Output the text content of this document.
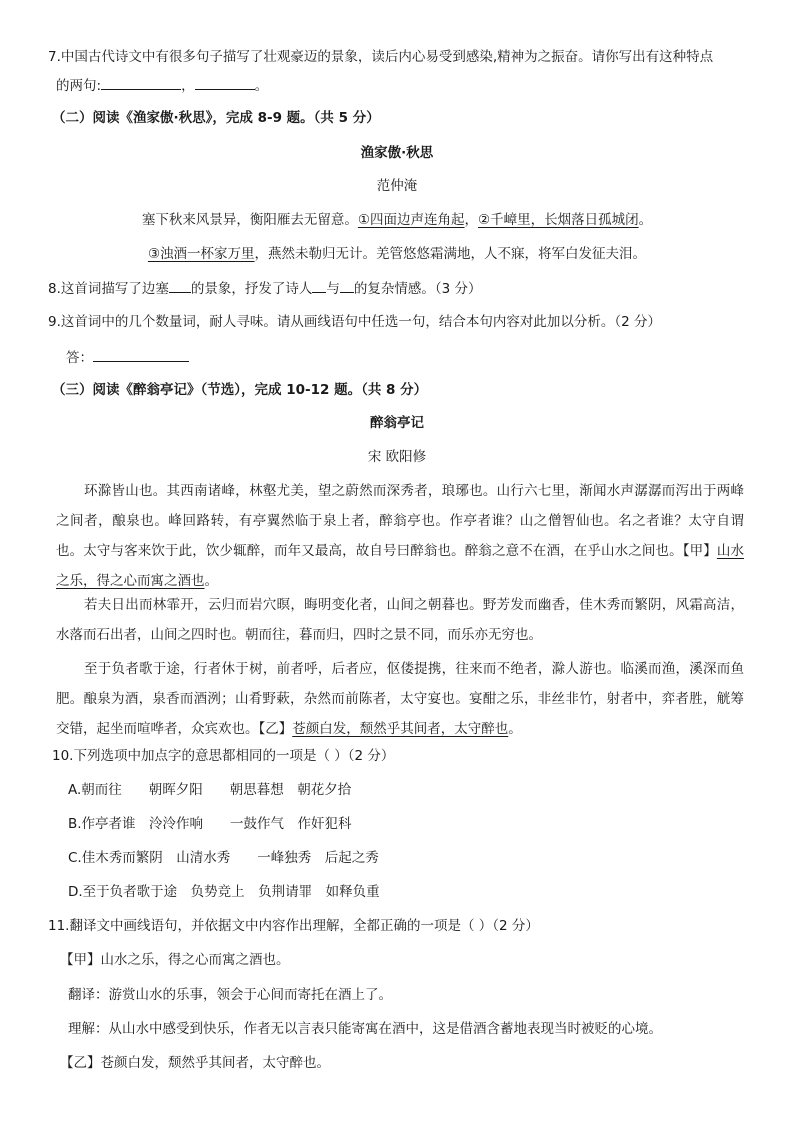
7.中国古代诗文中有很多句子描写了壮观豪迈的景象，读后内心易受到感染,精神为之振奋。请你写出有这种特点
的两句:	，	。
（二）阅读《渔家傲·秋思》，完成 8-9 题。（共 5 分）
渔家傲·秋思
范仲淹
塞下秋来风景异，衡阳雁去无留意。①四面边声连角起，②千嶂里，长烟落日孤城闭。
③浊酒一杯家万里，燕然未勒归无计。羌管悠悠霜满地，人不寐，将军白发征夫泪。
8.这首词描写了边塞 的景象，抒发了诗人 与 的复杂情感。（3 分）
9.这首词中的几个数量词，耐人寻味。请从画线语句中任选一句，结合本句内容对此加以分析。（2 分）
答：
（三）阅读《醉翁亭记》（节选），完成 10-12 题。（共 8 分）
醉翁亭记
宋 欧阳修
环滁皆山也。其西南诸峰，林壑尤美，望之蔚然而深秀者，琅琊也。山行六七里，渐闻水声潺潺而泻出于两峰之间者，酿泉也。峰回路转，有亭翼然临于泉上者，醉翁亭也。作亭者谁？山之僧智仙也。名之者谁？太守自谓也。太守与客来饮于此，饮少辄醉，而年又最高，故自号曰醉翁也。醉翁之意不在酒，在乎山水之间也。【甲】山水之乐，得之心而寓之酒也。
若夫日出而林霏开，云归而岩穴暝，晦明变化者，山间之朝暮也。野芳发而幽香，佳木秀而繁阴，风霜高洁，水落而石出者，山间之四时也。朝而往，暮而归，四时之景不同，而乐亦无穷也。
至于负者歌于途，行者休于树，前者呼，后者应，伛偻提携，往来而不绝者，滁人游也。临溪而渔，溪深而鱼肥。酿泉为酒，泉香而酒洌；山肴野蔌，杂然而前陈者，太守宴也。宴酣之乐，非丝非竹，射者中，弈者胜，觥筹交错，起坐而喧哗者，众宾欢也。【乙】苍颜白发，颓然乎其间者，太守醉也。
10.下列选项中加点字的意思都相同的一项是（ ）（2 分）
A.朝而往　　朝晖夕阳　　朝思暮想　朝花夕拾
B.作亭者谁　泠泠作响　　一鼓作气　作奸犯科
C.佳木秀而繁阴　山清水秀　　一峰独秀　后起之秀
D.至于负者歌于途　负势竞上　负荆请罪　如释负重
11.翻译文中画线语句，并依据文中内容作出理解，全都正确的一项是（ ）（2 分）
【甲】山水之乐，得之心而寓之酒也。
翻译：游赏山水的乐事，领会于心间而寄托在酒上了。
理解：从山水中感受到快乐，作者无以言表只能寄寓在酒中，这是借酒含蓄地表现当时被贬的心境。
【乙】苍颜白发，颓然乎其间者，太守醉也。
